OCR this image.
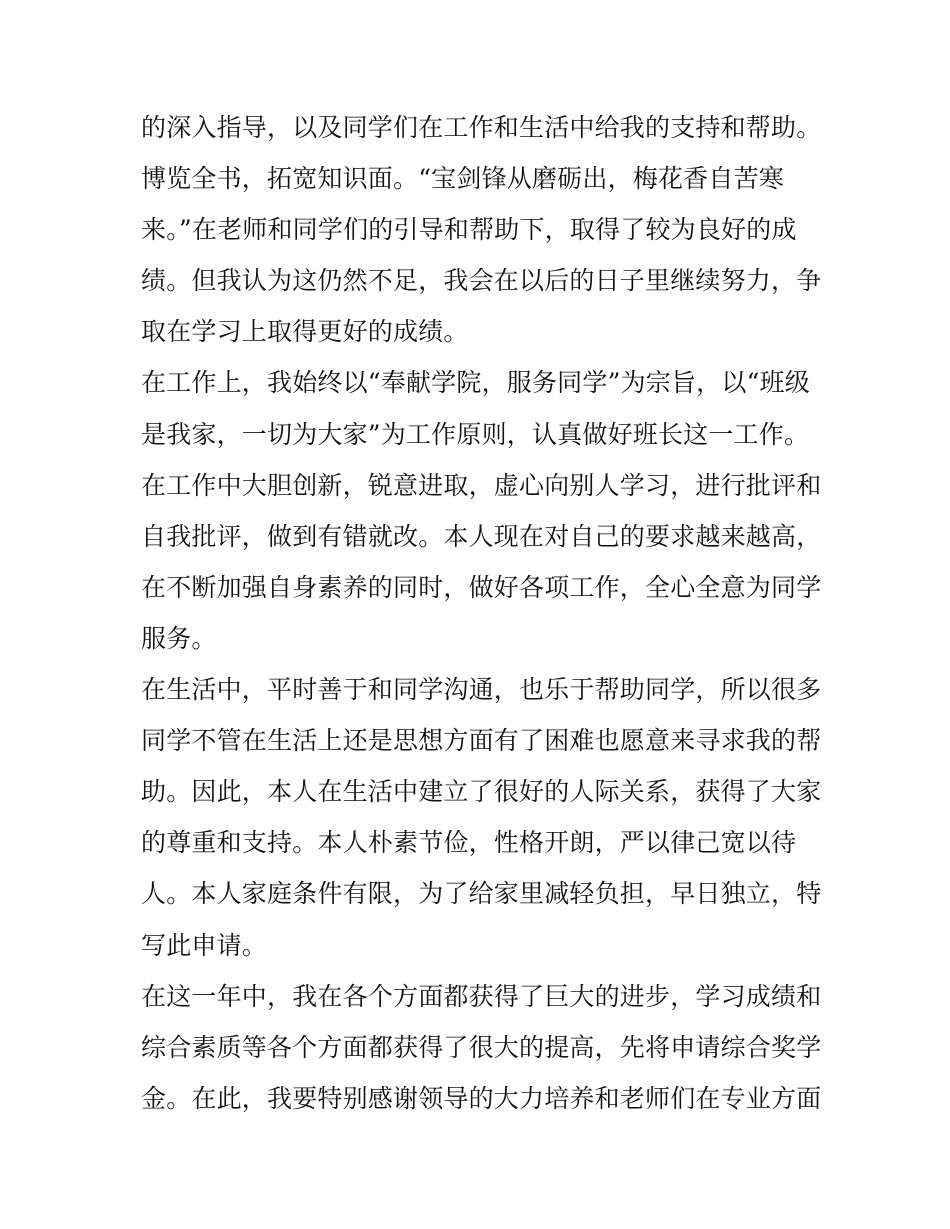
的深入指导，以及同学们在工作和生活中给我的支持和帮助。
博览全书，拓宽知识面。“宝剑锋从磨砺出，梅花香自苦寒
来。”在老师和同学们的引导和帮助下，取得了较为良好的成
绩。但我认为这仍然不足，我会在以后的日子里继续努力，争
取在学习上取得更好的成绩。
在工作上，我始终以“奉献学院，服务同学”为宗旨，以“班级
是我家，一切为大家”为工作原则，认真做好班长这一工作。
在工作中大胆创新，锐意进取，虚心向别人学习，进行批评和
自我批评，做到有错就改。本人现在对自己的要求越来越高，
在不断加强自身素养的同时，做好各项工作，全心全意为同学
服务。
在生活中，平时善于和同学沟通，也乐于帮助同学，所以很多
同学不管在生活上还是思想方面有了困难也愿意来寻求我的帮
助。因此，本人在生活中建立了很好的人际关系，获得了大家
的尊重和支持。本人朴素节俭，性格开朗，严以律己宽以待
人。本人家庭条件有限，为了给家里减轻负担，早日独立，特
写此申请。
在这一年中，我在各个方面都获得了巨大的进步，学习成绩和
综合素质等各个方面都获得了很大的提高，先将申请综合奖学
金。在此，我要特别感谢领导的大力培养和老师们在专业方面
